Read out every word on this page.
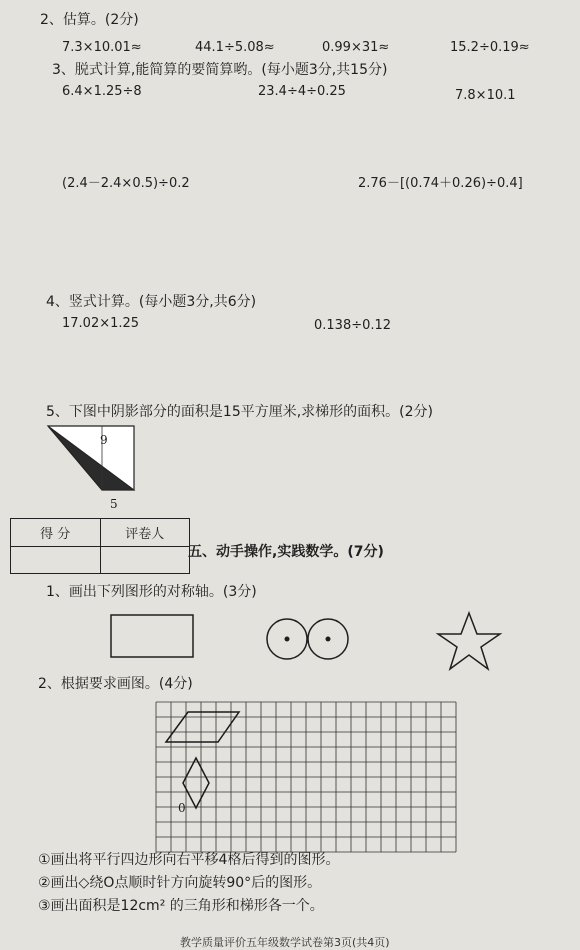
2、估算。(2分)
7.3×10.01≈	44.1÷5.08≈	0.99×31≈	15.2÷0.19≈
3、脱式计算,能简算的要简算哟。(每小题3分,共15分)
6.4×1.25÷8	23.4÷4÷0.25	7.8×10.1
(2.4－2.4×0.5)÷0.2	2.76－[(0.74＋0.26)÷0.4]
4、竖式计算。(每小题3分,共6分)
17.02×1.25	0.138÷0.12
5、下图中阴影部分的面积是15平方厘米,求梯形的面积。(2分)
9
5
得 分	评卷人

五、动手操作,实践数学。(7分)
1、画出下列图形的对称轴。(3分)
2、根据要求画图。(4分)
0
①画出将平行四边形向右平移4格后得到的图形。
②画出◇绕O点顺时针方向旋转90°后的图形。
③画出面积是12cm² 的三角形和梯形各一个。
教学质量评价五年级数学试卷第3页(共4页)
